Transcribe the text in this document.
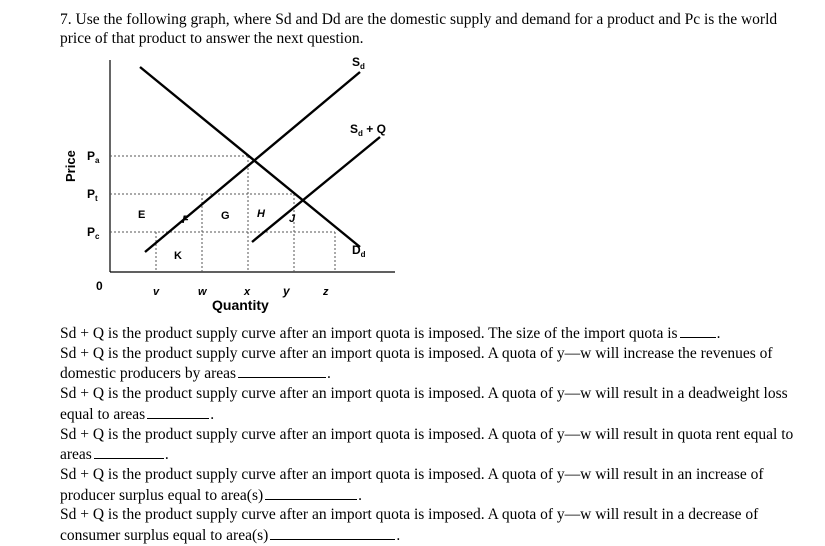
7. Use the following graph, where Sd and Dd are the domestic supply and demand for a product and Pc is the world price of that product to answer the next question.
$S_d$
$S_d + Q$
$D_d$
Price $P_a$
$P_t$
$P_c$
0	v	w	x	y	z
Quantity
E	F	G H J
K

Sd + Q is the product supply curve after an import quota is imposed. The size of the import quota is	.

Sd + Q is the product supply curve after an import quota is imposed. A quota of y—w will increase the revenues of domestic producers by areas	.

Sd + Q is the product supply curve after an import quota is imposed. A quota of y—w will result in a deadweight loss equal to areas	.

Sd + Q is the product supply curve after an import quota is imposed. A quota of y—w will result in quota rent equal to areas	.

Sd + Q is the product supply curve after an import quota is imposed. A quota of y—w will result in an increase of producer surplus equal to area(s)	.

Sd + Q is the product supply curve after an import quota is imposed. A quota of y—w will result in a decrease of consumer surplus equal to area(s)	.
